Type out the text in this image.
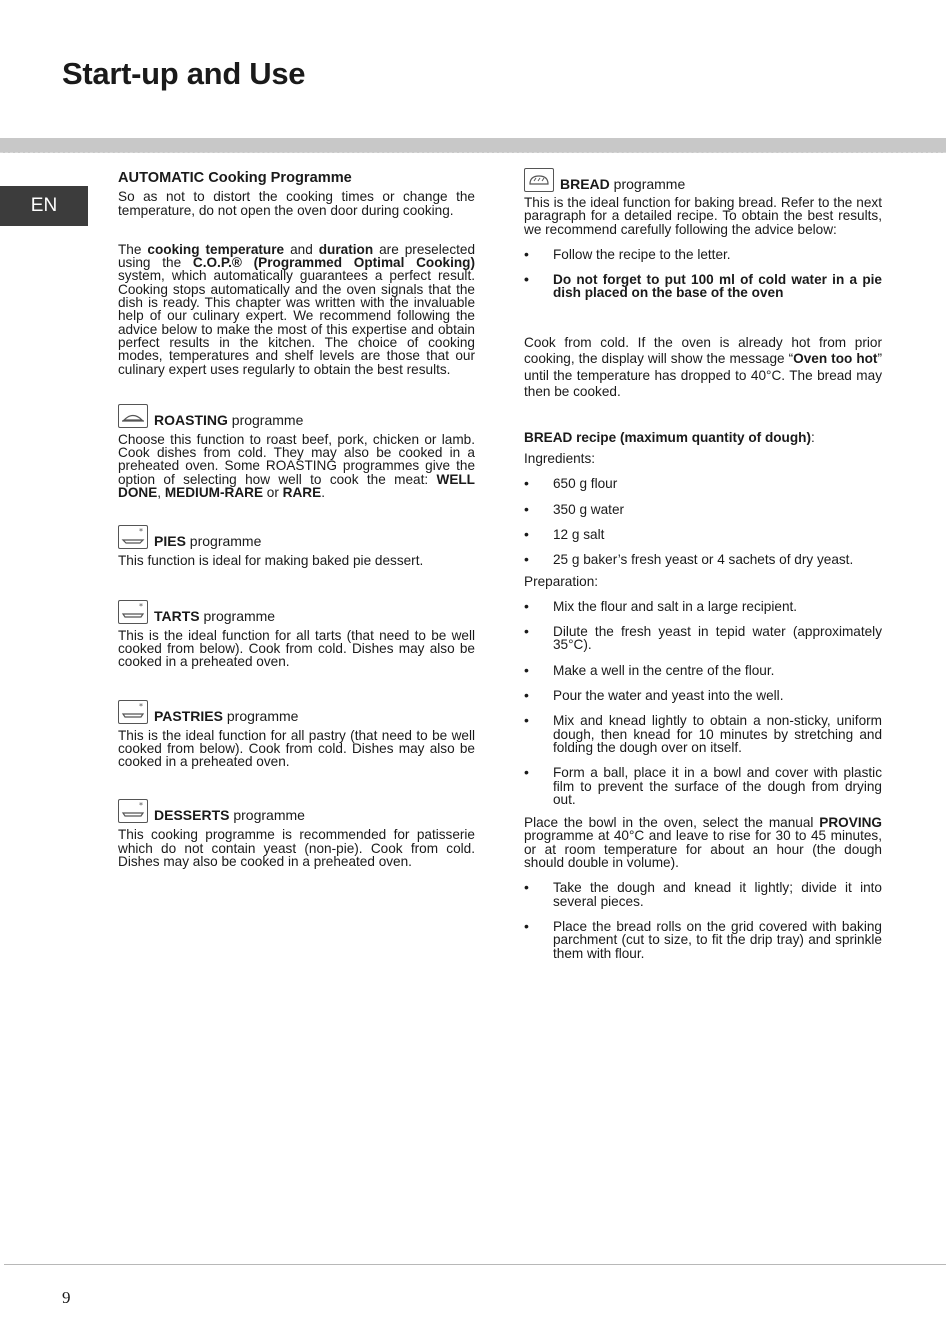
Start-up and Use
EN
AUTOMATIC Cooking Programme

So as not to distort the cooking times or change the temperature, do not open the oven door during cooking.

The cooking temperature and duration are preselected using the C.O.P.® (Programmed Optimal Cooking) system, which automatically guarantees a perfect result. Cooking stops automatically and the oven signals that the dish is ready. This chapter was written with the invaluable help of our culinary expert. We recommend following the advice below to make the most of this expertise and obtain perfect results in the kitchen. The choice of cooking modes, temperatures and shelf levels are those that our culinary expert uses regularly to obtain the best results.

ROASTING programme

Choose this function to roast beef, pork, chicken or lamb. Cook dishes from cold. They may also be cooked in a preheated oven. Some ROASTING programmes give the option of selecting how well to cook the meat: WELL DONE, MEDIUM-RARE or RARE.

*
PIES programme

This function is ideal for making baked pie dessert.

*
TARTS programme

This is the ideal function for all tarts (that need to be well cooked from below). Cook from cold. Dishes may also be cooked in a preheated oven.

*
PASTRIES programme

This is the ideal function for all pastry (that need to be well cooked from below). Cook from cold. Dishes may also be cooked in a preheated oven.

*
DESSERTS programme

This cooking programme is recommended for patisserie which do not contain yeast (non-pie). Cook from cold. Dishes may also be cooked in a preheated oven.

BREAD programme

This is the ideal function for baking bread. Refer to the next paragraph for a detailed recipe. To obtain the best results, we recommend carefully following the advice below:

• Follow the recipe to the letter.
• Do not forget to put 100 ml of cold water in a pie dish placed on the base of the oven

Cook from cold. If the oven is already hot from prior cooking, the display will show the message “Oven too hot” until the temperature has dropped to 40°C. The bread may then be cooked.

BREAD recipe (maximum quantity of dough):

Ingredients:

• 650 g flour
• 350 g water
• 12 g salt
• 25 g baker’s fresh yeast or 4 sachets of dry yeast.

Preparation:

• Mix the flour and salt in a large recipient.
• Dilute the fresh yeast in tepid water (approximately 35°C).
• Make a well in the centre of the flour.
• Pour the water and yeast into the well.
• Mix and knead lightly to obtain a non-sticky, uniform dough, then knead for 10 minutes by stretching and folding the dough over on itself.
• Form a ball, place it in a bowl and cover with plastic film to prevent the surface of the dough from drying out.

Place the bowl in the oven, select the manual PROVING programme at 40°C and leave to rise for 30 to 45 minutes, or at room temperature for about an hour (the dough should double in volume).

• Take the dough and knead it lightly; divide it into several pieces.
• Place the bread rolls on the grid covered with baking parchment (cut to size, to fit the drip tray) and sprinkle them with flour.
9
